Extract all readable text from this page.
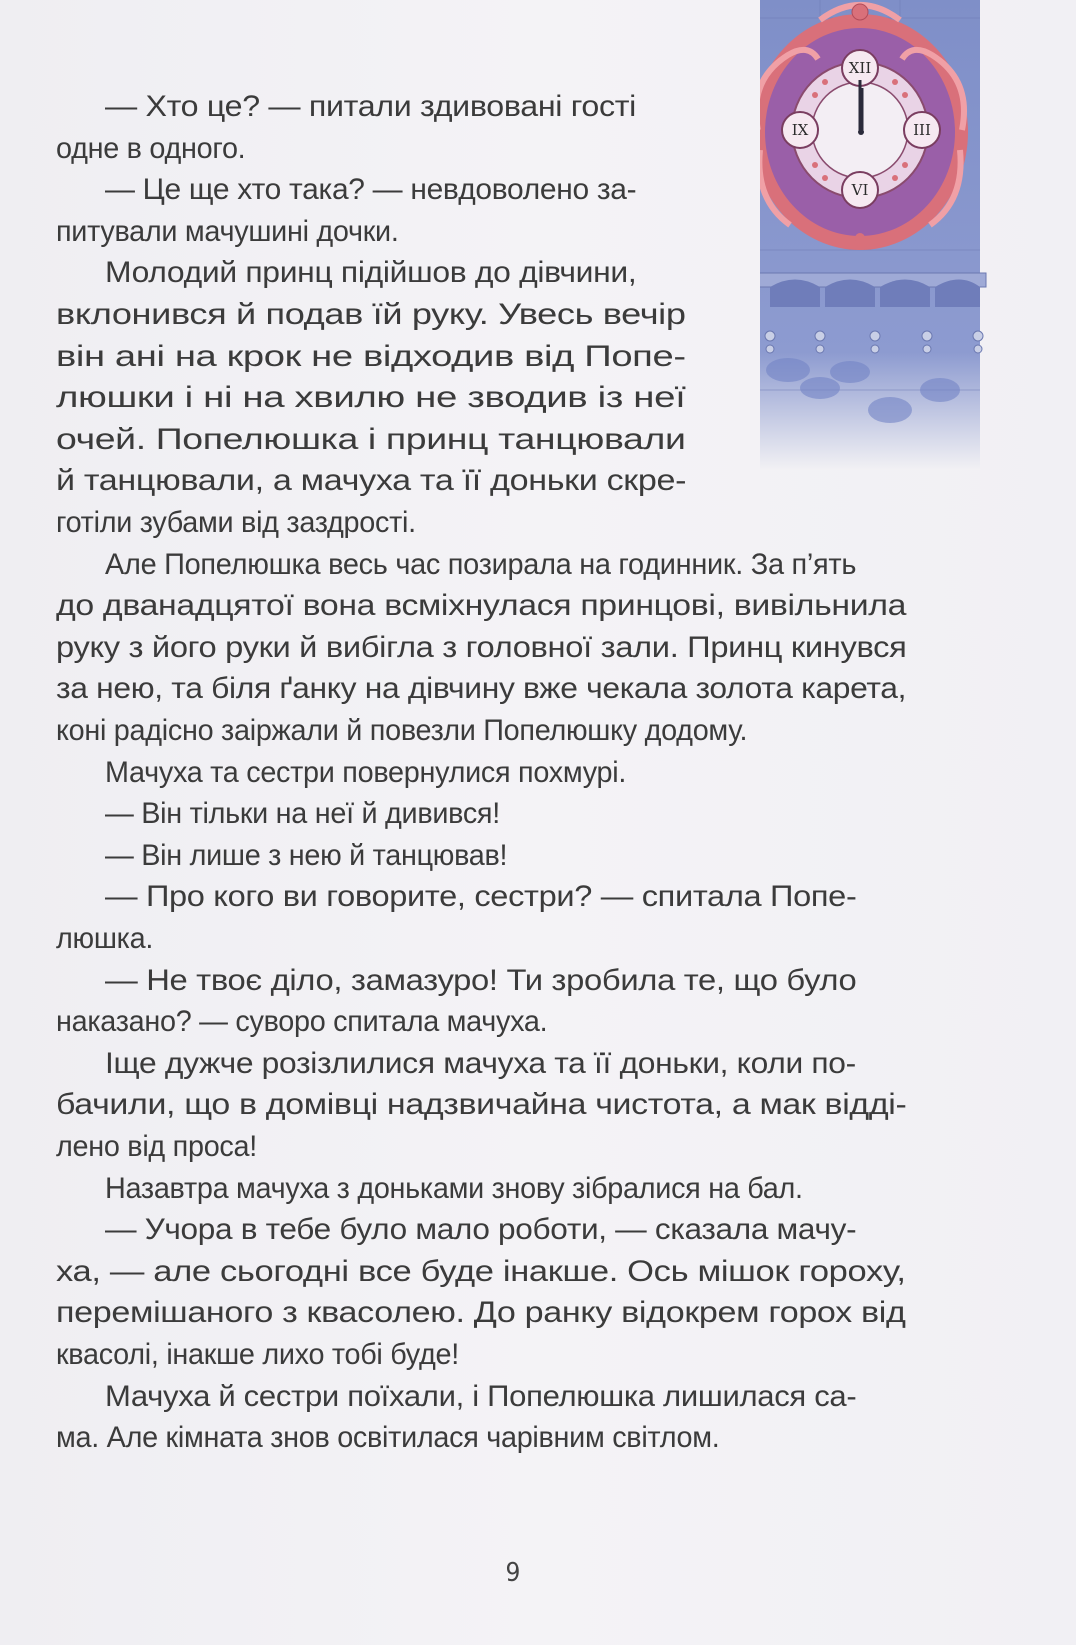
XII
III
VI
IX
— Хто це? — питали здивовані гості
одне в одного.
— Це ще хто така? — невдоволено за-
питували мачушині дочки.
Молодий принц підійшов до дівчини,
вклонився й подав їй руку. Увесь вечір
він ані на крок не відходив від Попе-
люшки і ні на хвилю не зводив із неї
очей. Попелюшка і принц танцювали
й танцювали, а мачуха та її доньки скре-
готіли зубами від заздрості.
Але Попелюшка весь час позирала на годинник. За п’ять
до дванадцятої вона всміхнулася принцові, вивільнила
руку з його руки й вибігла з головної зали. Принц кинувся
за нею, та біля ґанку на дівчину вже чекала золота карета,
коні радісно заіржали й повезли Попелюшку додому.
Мачуха та сестри повернулися похмурі.
— Він тільки на неї й дивився!
— Він лише з нею й танцював!
— Про кого ви говорите, сестри? — спитала Попе-
люшка.
— Не твоє діло, замазуро! Ти зробила те, що було
наказано? — суворо спитала мачуха.
Іще дужче розізлилися мачуха та її доньки, коли по-
бачили, що в домівці надзвичайна чистота, а мак відді-
лено від проса!
Назавтра мачуха з доньками знову зібралися на бал.
— Учора в тебе було мало роботи, — сказала мачу-
ха, — але сьогодні все буде інакше. Ось мішок гороху,
перемішаного з квасолею. До ранку відокрем горох від
квасолі, інакше лихо тобі буде!
Мачуха й сестри поїхали, і Попелюшка лишилася са-
ма. Але кімната знов освітилася чарівним світлом.
9
